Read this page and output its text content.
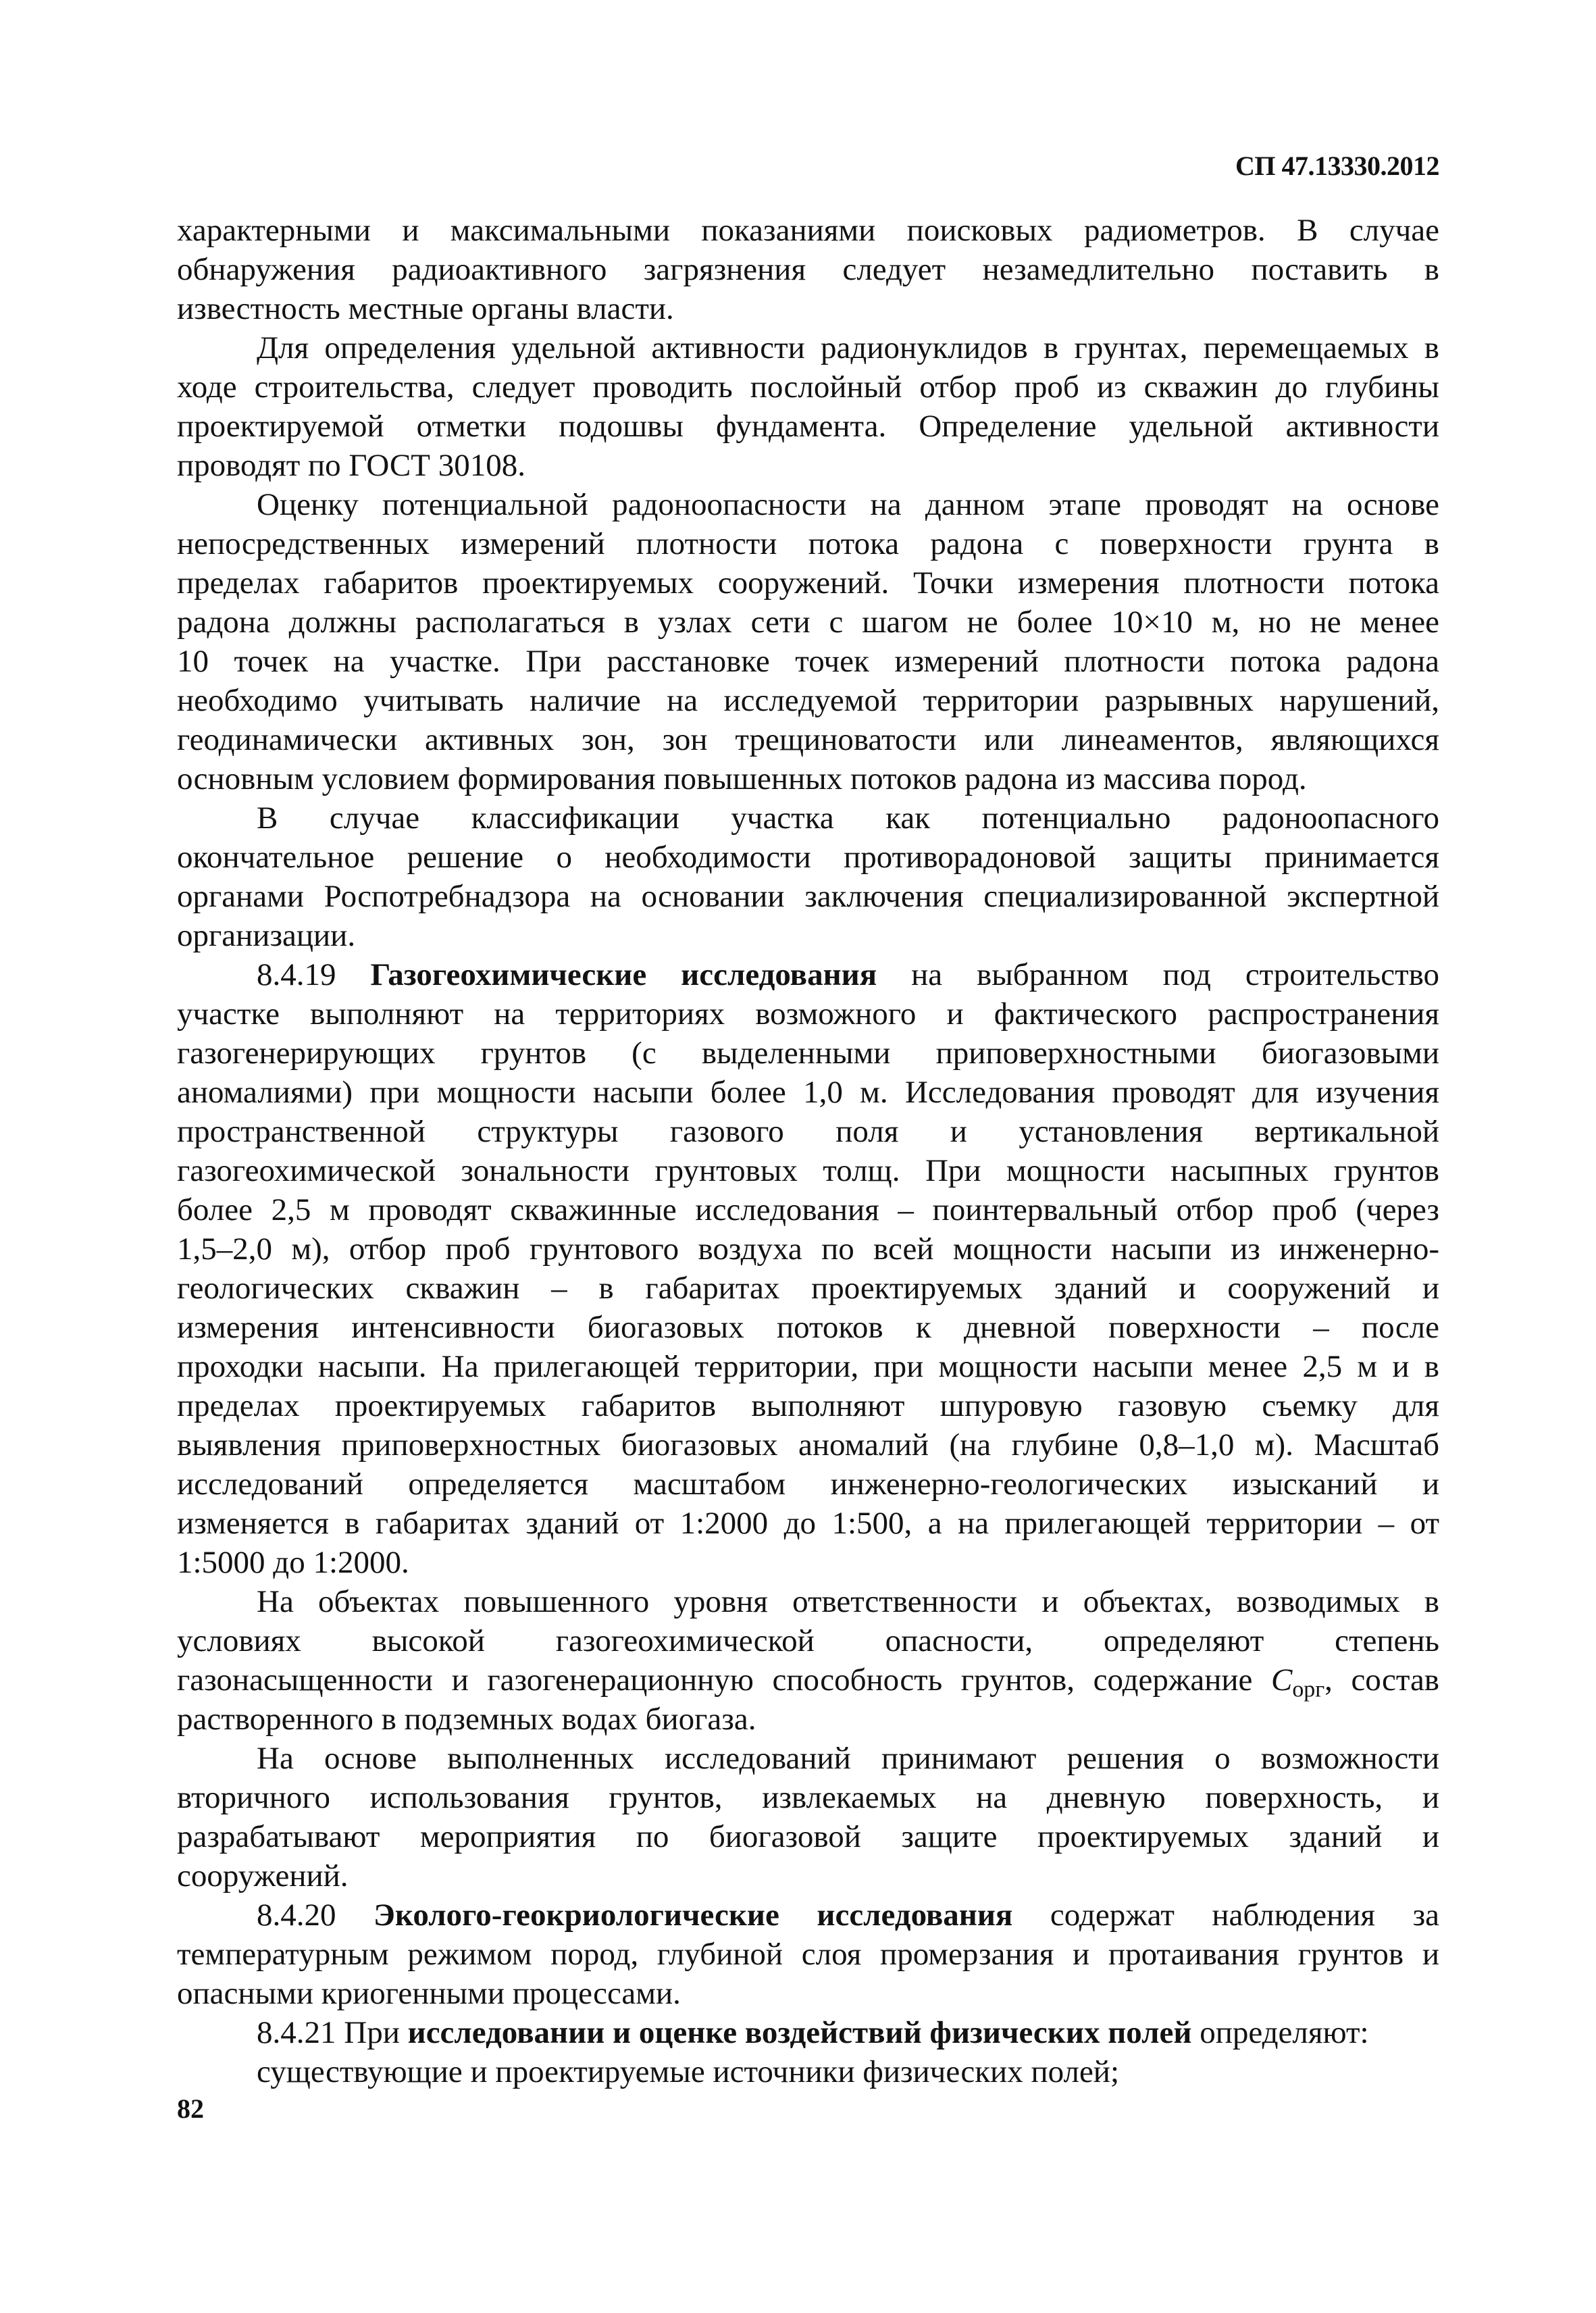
СП 47.13330.2012
характерными и максимальными показаниями поисковых радиометров. В случае
обнаружения радиоактивного загрязнения следует незамедлительно поставить в
известность местные органы власти.
Для определения удельной активности радионуклидов в грунтах, перемещаемых в
ходе строительства, следует проводить послойный отбор проб из скважин до глубины
проектируемой отметки подошвы фундамента. Определение удельной активности
проводят по ГОСТ 30108.
Оценку потенциальной радоноопасности на данном этапе проводят на основе
непосредственных измерений плотности потока радона с поверхности грунта в
пределах габаритов проектируемых сооружений. Точки измерения плотности потока
радона должны располагаться в узлах сети с шагом не более 10×10 м, но не менее
10 точек на участке. При расстановке точек измерений плотности потока радона
необходимо учитывать наличие на исследуемой территории разрывных нарушений,
геодинамически активных зон, зон трещиноватости или линеаментов, являющихся
основным условием формирования повышенных потоков радона из массива пород.
В случае классификации участка как потенциально радоноопасного
окончательное решение о необходимости противорадоновой защиты принимается
органами Роспотребнадзора на основании заключения специализированной экспертной
организации.
8.4.19 Газогеохимические исследования на выбранном под строительство
участке выполняют на территориях возможного и фактического распространения
газогенерирующих грунтов (с выделенными приповерхностными биогазовыми
аномалиями) при мощности насыпи более 1,0 м. Исследования проводят для изучения
пространственной структуры газового поля и установления вертикальной
газогеохимической зональности грунтовых толщ. При мощности насыпных грунтов
более 2,5 м проводят скважинные исследования – поинтервальный отбор проб (через
1,5–2,0 м), отбор проб грунтового воздуха по всей мощности насыпи из инженерно-
геологических скважин – в габаритах проектируемых зданий и сооружений и
измерения интенсивности биогазовых потоков к дневной поверхности – после
проходки насыпи. На прилегающей территории, при мощности насыпи менее 2,5 м и в
пределах проектируемых габаритов выполняют шпуровую газовую съемку для
выявления приповерхностных биогазовых аномалий (на глубине 0,8–1,0 м). Масштаб
исследований определяется масштабом инженерно-геологических изысканий и
изменяется в габаритах зданий от 1:2000 до 1:500, а на прилегающей территории – от
1:5000 до 1:2000.
На объектах повышенного уровня ответственности и объектах, возводимых в
условиях высокой газогеохимической опасности, определяют степень
газонасыщенности и газогенерационную способность грунтов, содержание $C_{орг}$, состав
растворенного в подземных водах биогаза.
На основе выполненных исследований принимают решения о возможности
вторичного использования грунтов, извлекаемых на дневную поверхность, и
разрабатывают мероприятия по биогазовой защите проектируемых зданий и
сооружений.
8.4.20 Эколого-геокриологические исследования содержат наблюдения за
температурным режимом пород, глубиной слоя промерзания и протаивания грунтов и
опасными криогенными процессами.
8.4.21 При исследовании и оценке воздействий физических полей определяют:
существующие и проектируемые источники физических полей;
82
